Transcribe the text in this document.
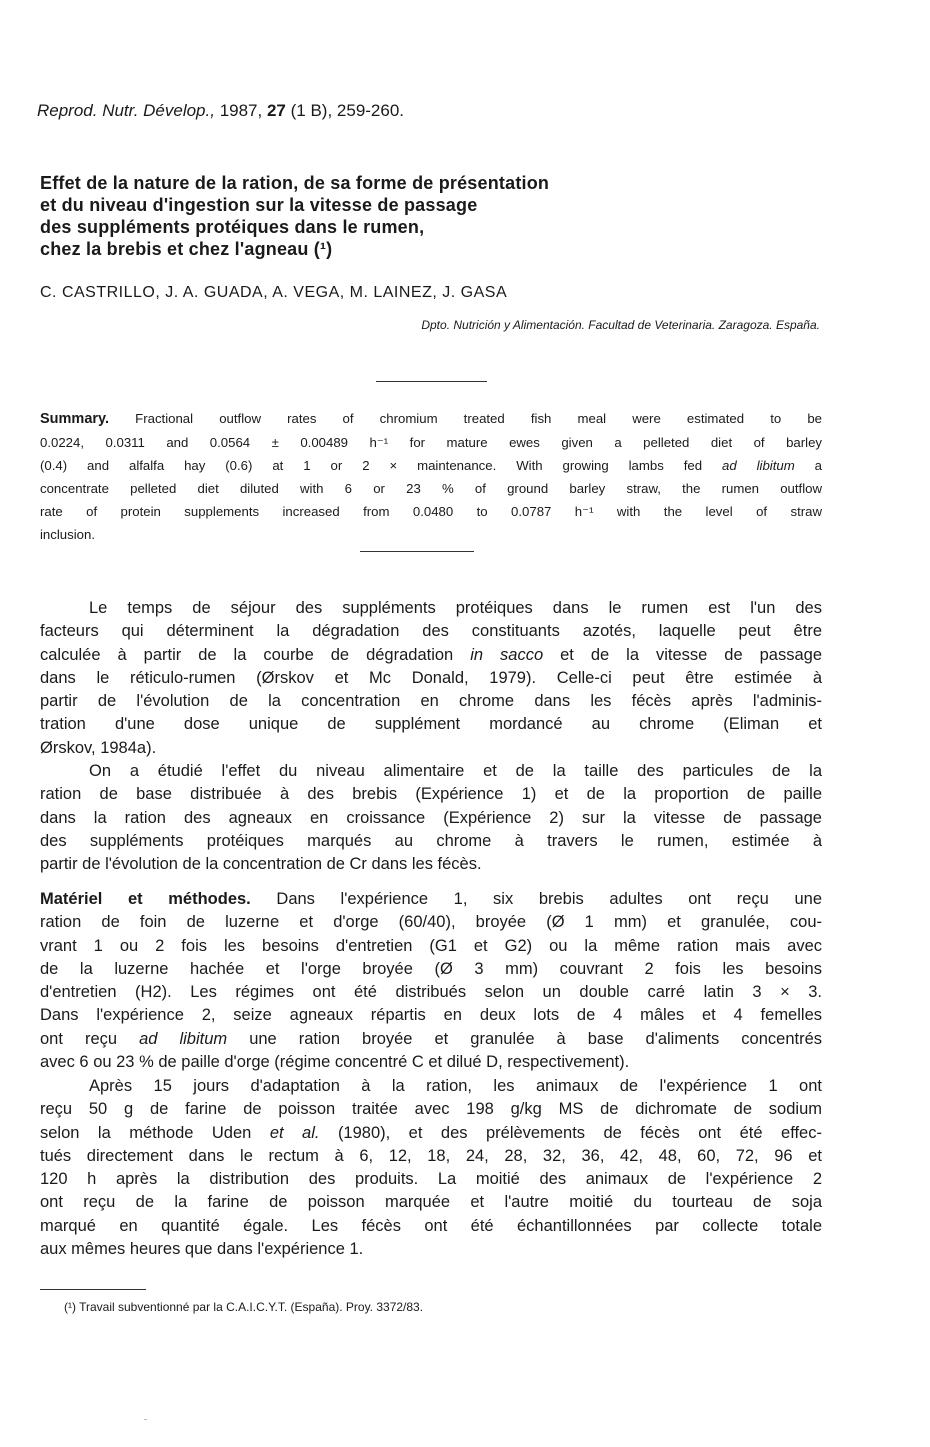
Reprod. Nutr. Dévelop., 1987, 27 (1 B), 259-260.
Effet de la nature de la ration, de sa forme de présentation
et du niveau d'ingestion sur la vitesse de passage
des suppléments protéiques dans le rumen,
chez la brebis et chez l'agneau (¹)
C. CASTRILLO, J. A. GUADA, A. VEGA, M. LAINEZ, J. GASA
Dpto. Nutrición y Alimentación. Facultad de Veterinaria. Zaragoza. España.
Summary. Fractional outflow rates of chromium treated fish meal were estimated to be
0.0224, 0.0311 and 0.0564 ± 0.00489 h⁻¹ for mature ewes given a pelleted diet of barley
(0.4) and alfalfa hay (0.6) at 1 or 2 × maintenance. With growing lambs fed ad libitum a
concentrate pelleted diet diluted with 6 or 23 % of ground barley straw, the rumen outflow
rate of protein supplements increased from 0.0480 to 0.0787 h⁻¹ with the level of straw
inclusion.
Le temps de séjour des suppléments protéiques dans le rumen est l'un des
facteurs qui déterminent la dégradation des constituants azotés, laquelle peut être
calculée à partir de la courbe de dégradation in sacco et de la vitesse de passage
dans le réticulo-rumen (Ørskov et Mc Donald, 1979). Celle-ci peut être estimée à
partir de l'évolution de la concentration en chrome dans les fécès après l'adminis-
tration d'une dose unique de supplément mordancé au chrome (Eliman et
Ørskov, 1984a).
On a étudié l'effet du niveau alimentaire et de la taille des particules de la
ration de base distribuée à des brebis (Expérience 1) et de la proportion de paille
dans la ration des agneaux en croissance (Expérience 2) sur la vitesse de passage
des suppléments protéiques marqués au chrome à travers le rumen, estimée à
partir de l'évolution de la concentration de Cr dans les fécès.
Matériel et méthodes. Dans l'expérience 1, six brebis adultes ont reçu une
ration de foin de luzerne et d'orge (60/40), broyée (Ø 1 mm) et granulée, cou-
vrant 1 ou 2 fois les besoins d'entretien (G1 et G2) ou la même ration mais avec
de la luzerne hachée et l'orge broyée (Ø 3 mm) couvrant 2 fois les besoins
d'entretien (H2). Les régimes ont été distribués selon un double carré latin 3 × 3.
Dans l'expérience 2, seize agneaux répartis en deux lots de 4 mâles et 4 femelles
ont reçu ad libitum une ration broyée et granulée à base d'aliments concentrés
avec 6 ou 23 % de paille d'orge (régime concentré C et dilué D, respectivement).
Après 15 jours d'adaptation à la ration, les animaux de l'expérience 1 ont
reçu 50 g de farine de poisson traitée avec 198 g/kg MS de dichromate de sodium
selon la méthode Uden et al. (1980), et des prélèvements de fécès ont été effec-
tués directement dans le rectum à 6, 12, 18, 24, 28, 32, 36, 42, 48, 60, 72, 96 et
120 h après la distribution des produits. La moitié des animaux de l'expérience 2
ont reçu de la farine de poisson marquée et l'autre moitié du tourteau de soja
marqué en quantité égale. Les fécès ont été échantillonnées par collecte totale
aux mêmes heures que dans l'expérience 1.
(¹) Travail subventionné par la C.A.I.C.Y.T. (España). Proy. 3372/83.
